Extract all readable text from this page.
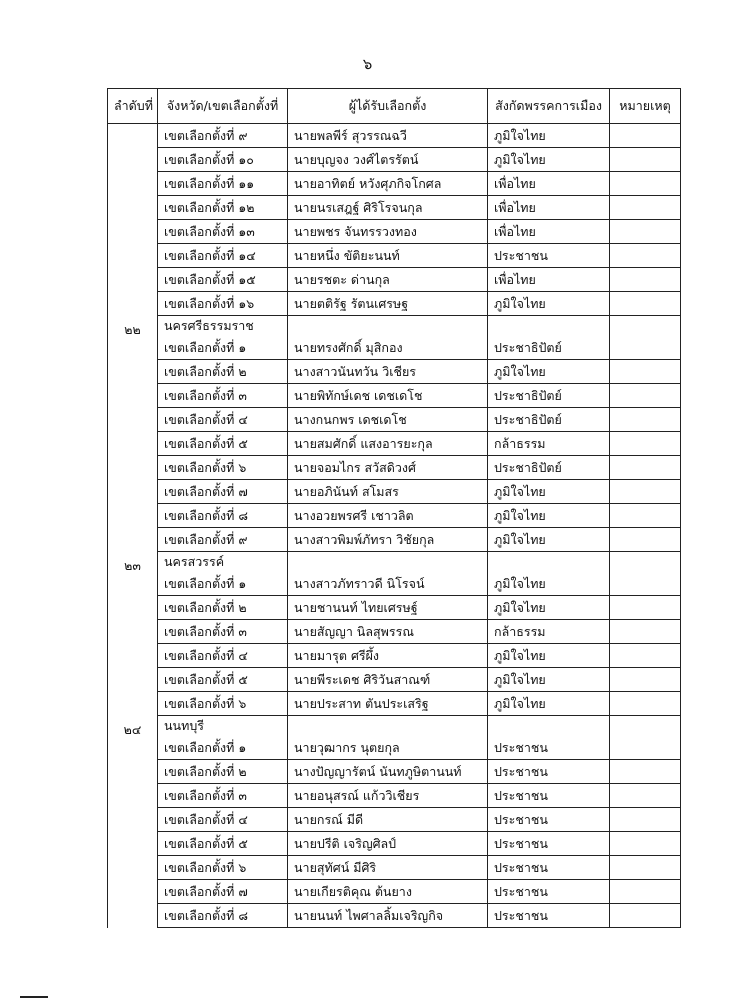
๖
ลำดับที่	จังหวัด/เขตเลือกตั้งที่	ผู้ได้รับเลือกตั้ง	สังกัดพรรคการเมือง	หมายเหตุ
	เขตเลือกตั้งที่ ๙	นายพลพีร์ สุวรรณฉวี	ภูมิใจไทย	
	เขตเลือกตั้งที่ ๑๐	นายบุญจง วงศ์ไตรรัตน์	ภูมิใจไทย	
	เขตเลือกตั้งที่ ๑๑	นายอาทิตย์ หวังศุภกิจโกศล	เพื่อไทย	
	เขตเลือกตั้งที่ ๑๒	นายนรเสฎฐ์ ศิริโรจนกุล	เพื่อไทย	
	เขตเลือกตั้งที่ ๑๓	นายพชร จันทรรวงทอง	เพื่อไทย	
	เขตเลือกตั้งที่ ๑๔	นายหนึ่ง ขัติยะนนท์	ประชาชน	
	เขตเลือกตั้งที่ ๑๕	นายรชตะ ด่านกุล	เพื่อไทย	
	เขตเลือกตั้งที่ ๑๖	นายตติรัฐ รัตนเศรษฐ	ภูมิใจไทย	
๒๒	นครศรีธรรมราช			
	เขตเลือกตั้งที่ ๑	นายทรงศักดิ์ มุสิกอง	ประชาธิปัตย์	
	เขตเลือกตั้งที่ ๒	นางสาวนันทวัน วิเชียร	ภูมิใจไทย	
	เขตเลือกตั้งที่ ๓	นายพิทักษ์เดช เดชเดโช	ประชาธิปัตย์	
	เขตเลือกตั้งที่ ๔	นางกนกพร เดชเดโช	ประชาธิปัตย์	
	เขตเลือกตั้งที่ ๕	นายสมศักดิ์ แสงอารยะกุล	กล้าธรรม	
	เขตเลือกตั้งที่ ๖	นายจอมไกร สวัสดิวงศ์	ประชาธิปัตย์	
	เขตเลือกตั้งที่ ๗	นายอภินันท์ สโมสร	ภูมิใจไทย	
	เขตเลือกตั้งที่ ๘	นางอวยพรศรี เชาวลิต	ภูมิใจไทย	
	เขตเลือกตั้งที่ ๙	นางสาวพิมพ์ภัทรา วิชัยกุล	ภูมิใจไทย	
๒๓	นครสวรรค์			
	เขตเลือกตั้งที่ ๑	นางสาวภัทราวดี นิโรจน์	ภูมิใจไทย	
	เขตเลือกตั้งที่ ๒	นายชานนท์ ไทยเศรษฐ์	ภูมิใจไทย	
	เขตเลือกตั้งที่ ๓	นายสัญญา นิลสุพรรณ	กล้าธรรม	
	เขตเลือกตั้งที่ ๔	นายมารุต ศรีผึ้ง	ภูมิใจไทย	
	เขตเลือกตั้งที่ ๕	นายพีระเดช ศิริวันสาณฑ์	ภูมิใจไทย	
	เขตเลือกตั้งที่ ๖	นายประสาท ตันประเสริฐ	ภูมิใจไทย	
๒๔	นนทบุรี			
	เขตเลือกตั้งที่ ๑	นายวุฒากร นุตยกุล	ประชาชน	
	เขตเลือกตั้งที่ ๒	นางปัญญารัตน์ นันทภูษิตานนท์	ประชาชน	
	เขตเลือกตั้งที่ ๓	นายอนุสรณ์ แก้ววิเชียร	ประชาชน	
	เขตเลือกตั้งที่ ๔	นายกรณ์ มีดี	ประชาชน	
	เขตเลือกตั้งที่ ๕	นายปรีติ เจริญศิลป์	ประชาชน	
	เขตเลือกตั้งที่ ๖	นายสุทัศน์ มีศิริ	ประชาชน	
	เขตเลือกตั้งที่ ๗	นายเกียรติคุณ ต้นยาง	ประชาชน	
	เขตเลือกตั้งที่ ๘	นายนนท์ ไพศาลลิ้มเจริญกิจ	ประชาชน	
